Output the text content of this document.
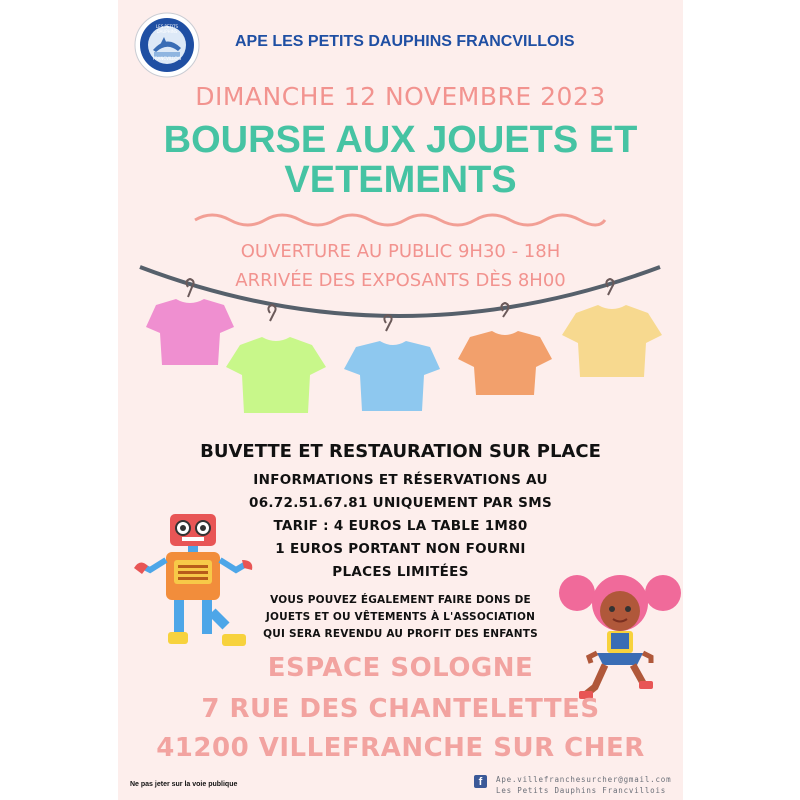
LES PETITS DAUPHINS
FRANCVILLOIS
APE LES PETITS DAUPHINS FRANCVILLOIS
DIMANCHE 12 NOVEMBRE 2023
BOURSE AUX JOUETS ET
VETEMENTS
OUVERTURE AU PUBLIC 9H30 - 18H
ARRIVÉE DES EXPOSANTS DÈS 8H00
BUVETTE ET RESTAURATION SUR PLACE
INFORMATIONS ET RÉSERVATIONS AU
06.72.51.67.81 UNIQUEMENT PAR SMS
TARIF : 4 EUROS LA TABLE 1M80
1 EUROS PORTANT NON FOURNI
PLACES LIMITÉES
VOUS POUVEZ ÉGALEMENT FAIRE DONS DE
JOUETS ET OU VÊTEMENTS À L'ASSOCIATION
QUI SERA REVENDU AU PROFIT DES ENFANTS
ESPACE SOLOGNE
7 RUE DES CHANTELETTES
41200 VILLEFRANCHE SUR CHER
Ne pas jeter sur la voie publique	f	Ape.villefranchesurcher@gmail.com
Les Petits Dauphins Francvillois
